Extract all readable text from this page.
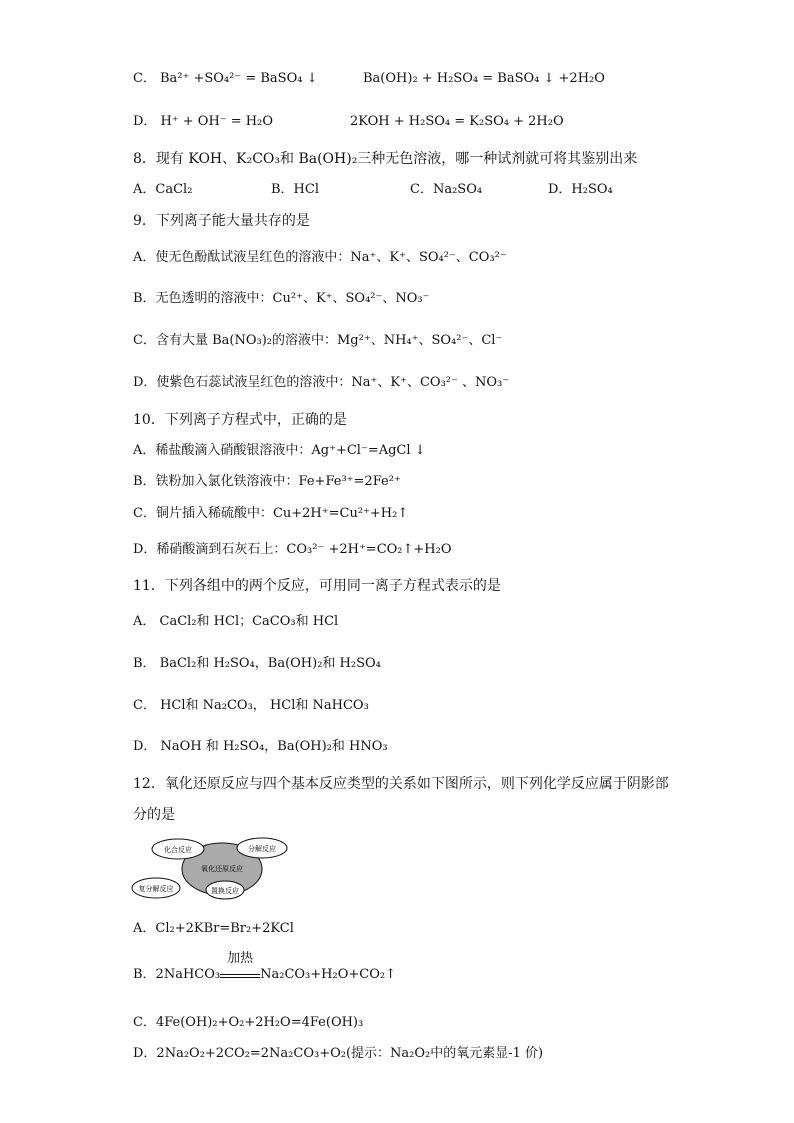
C． Ba²⁺ +SO₄²⁻ = BaSO₄ ↓	Ba(OH)₂ + H₂SO₄ = BaSO₄ ↓ +2H₂O
D． H⁺ + OH⁻ = H₂O	2KOH + H₂SO₄ = K₂SO₄ + 2H₂O
8．现有 KOH、K₂CO₃和 Ba(OH)₂三种无色溶液，哪一种试剂就可将其鉴别出来
A．CaCl₂	B．HCl	C．Na₂SO₄	D．H₂SO₄
9．下列离子能大量共存的是
A．使无色酚酞试液呈红色的溶液中：Na⁺、K⁺、SO₄²⁻、CO₃²⁻
B．无色透明的溶液中：Cu²⁺、K⁺、SO₄²⁻、NO₃⁻
C．含有大量 Ba(NO₃)₂的溶液中：Mg²⁺、NH₄⁺、SO₄²⁻、Cl⁻
D．使紫色石蕊试液呈红色的溶液中：Na⁺、K⁺、CO₃²⁻ 、NO₃⁻
10．下列离子方程式中，正确的是
A．稀盐酸滴入硝酸银溶液中：Ag⁺+Cl⁻=AgCl ↓
B．铁粉加入氯化铁溶液中：Fe+Fe³⁺=2Fe²⁺
C．铜片插入稀硫酸中：Cu+2H⁺=Cu²⁺+H₂↑
D．稀硝酸滴到石灰石上：CO₃²⁻ +2H⁺=CO₂↑+H₂O
11．下列各组中的两个反应，可用同一离子方程式表示的是
A． CaCl₂和 HCl；CaCO₃和 HCl
B． BaCl₂和 H₂SO₄，Ba(OH)₂和 H₂SO₄
C． HCl和 Na₂CO₃， HCl和 NaHCO₃
D． NaOH 和 H₂SO₄，Ba(OH)₂和 HNO₃
12．氧化还原反应与四个基本反应类型的关系如下图所示，则下列化学反应属于阴影部
分的是
化合反应	分解反应
氧化还原反应
置换反应
复分解反应
A．Cl₂+2KBr=Br₂+2KCl
B．2NaHCO₃
加热
Na₂CO₃+H₂O+CO₂↑
C．4Fe(OH)₂+O₂+2H₂O=4Fe(OH)₃
D．2Na₂O₂+2CO₂=2Na₂CO₃+O₂(提示：Na₂O₂中的氧元素显-1 价)
